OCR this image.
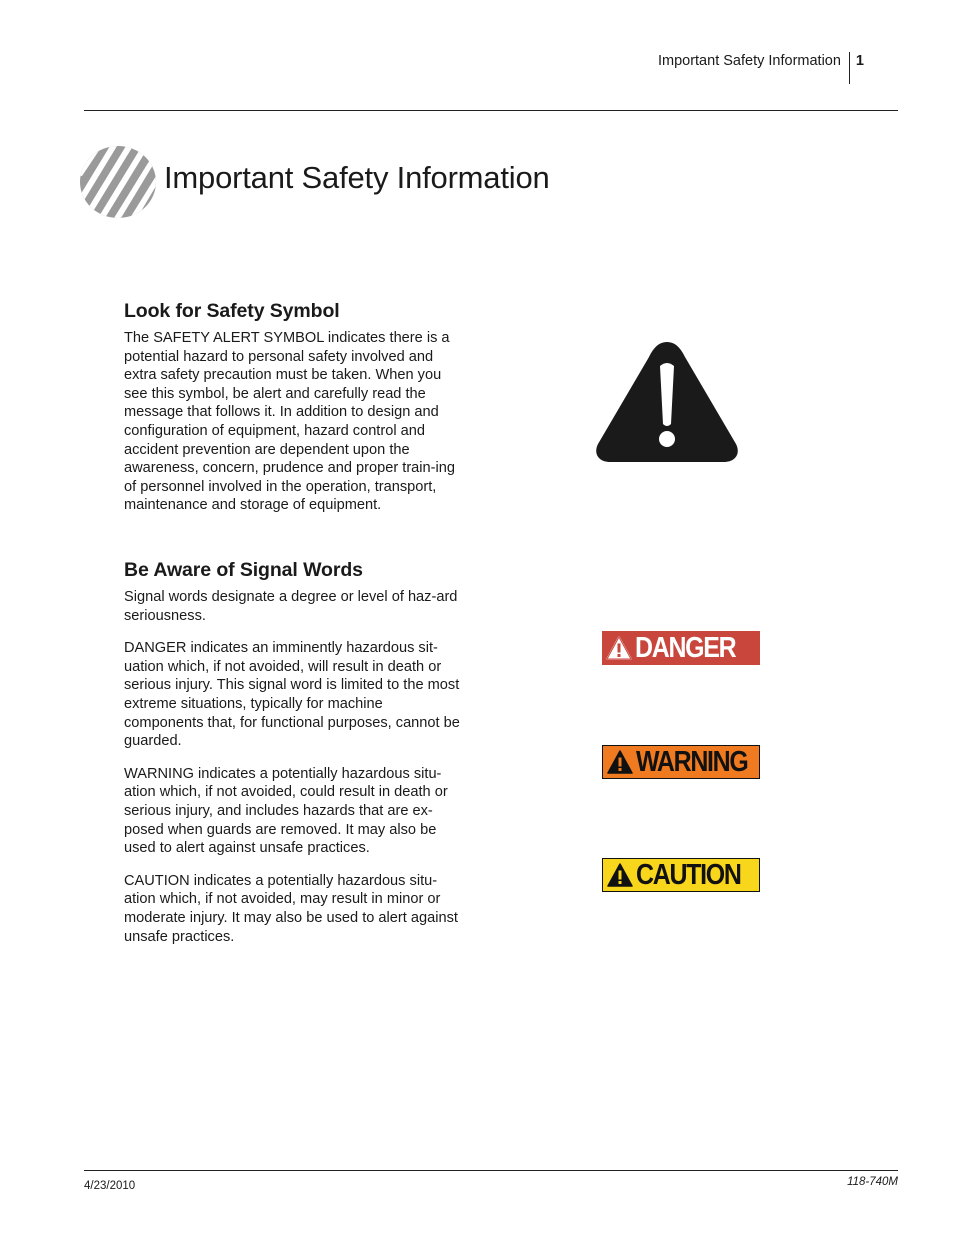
Important Safety Information 1
Important Safety Information
Look for Safety Symbol

The SAFETY ALERT SYMBOL indicates there is a potential hazard to personal safety involved and extra safety precaution must be taken. When you see this symbol, be alert and carefully read the message that follows it. In addition to design and configuration of equipment, hazard control and accident prevention are dependent upon the awareness, concern, prudence and proper train-ing of personnel involved in the operation, transport, maintenance and storage of equipment.

Be Aware of Signal Words

Signal words designate a degree or level of haz-ard seriousness.

DANGER indicates an imminently hazardous sit-uation which, if not avoided, will result in death or serious injury. This signal word is limited to the most extreme situations, typically for machine components that, for functional purposes, cannot be guarded.

WARNING indicates a potentially hazardous situ-ation which, if not avoided, could result in death or serious injury, and includes hazards that are ex-posed when guards are removed. It may also be used to alert against unsafe practices.

CAUTION indicates a potentially hazardous situ-ation which, if not avoided, may result in minor or moderate injury. It may also be used to alert against unsafe practices.

DANGER
WARNING
CAUTION
4/23/2010	118-740M
